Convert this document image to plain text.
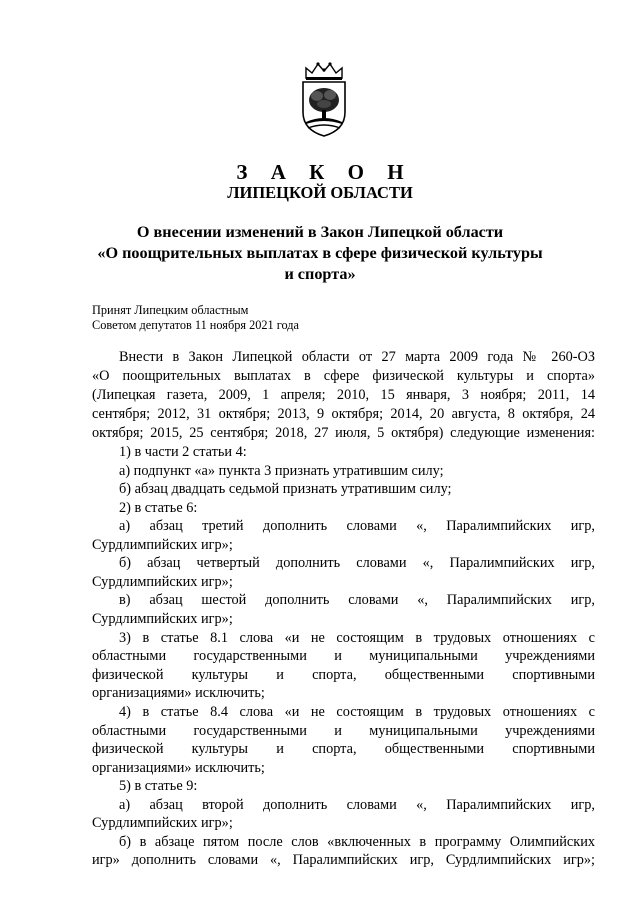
З А К О Н
ЛИПЕЦКОЙ ОБЛАСТИ
О внесении изменений в Закон Липецкой области
«О поощрительных выплатах в сфере физической культуры
и спорта»
Принят Липецким областным
Советом депутатов 11 ноября 2021 года
Внести в Закон Липецкой области от 27 марта 2009 года № 260-ОЗ
«О поощрительных выплатах в сфере физической культуры и спорта»
(Липецкая газета, 2009, 1 апреля; 2010, 15 января, 3 ноября; 2011, 14
сентября; 2012, 31 октября; 2013, 9 октября; 2014, 20 августа, 8 октября, 24
октября; 2015, 25 сентября; 2018, 27 июля, 5 октября) следующие изменения:
1) в части 2 статьи 4:
а) подпункт «а» пункта 3 признать утратившим силу;
б) абзац двадцать седьмой признать утратившим силу;
2) в статье 6:
а) абзац третий дополнить словами «, Паралимпийских игр,
Сурдлимпийских игр»;
б) абзац четвертый дополнить словами «, Паралимпийских игр,
Сурдлимпийских игр»;
в) абзац шестой дополнить словами «, Паралимпийских игр,
Сурдлимпийских игр»;
3) в статье 8.1 слова «и не состоящим в трудовых отношениях с
областными государственными и муниципальными учреждениями
физической культуры и спорта, общественными спортивными
организациями» исключить;
4) в статье 8.4 слова «и не состоящим в трудовых отношениях с
областными государственными и муниципальными учреждениями
физической культуры и спорта, общественными спортивными
организациями» исключить;
5) в статье 9:
а) абзац второй дополнить словами «, Паралимпийских игр,
Сурдлимпийских игр»;
б) в абзаце пятом после слов «включенных в программу Олимпийских
игр» дополнить словами «, Паралимпийских игр, Сурдлимпийских игр»;
